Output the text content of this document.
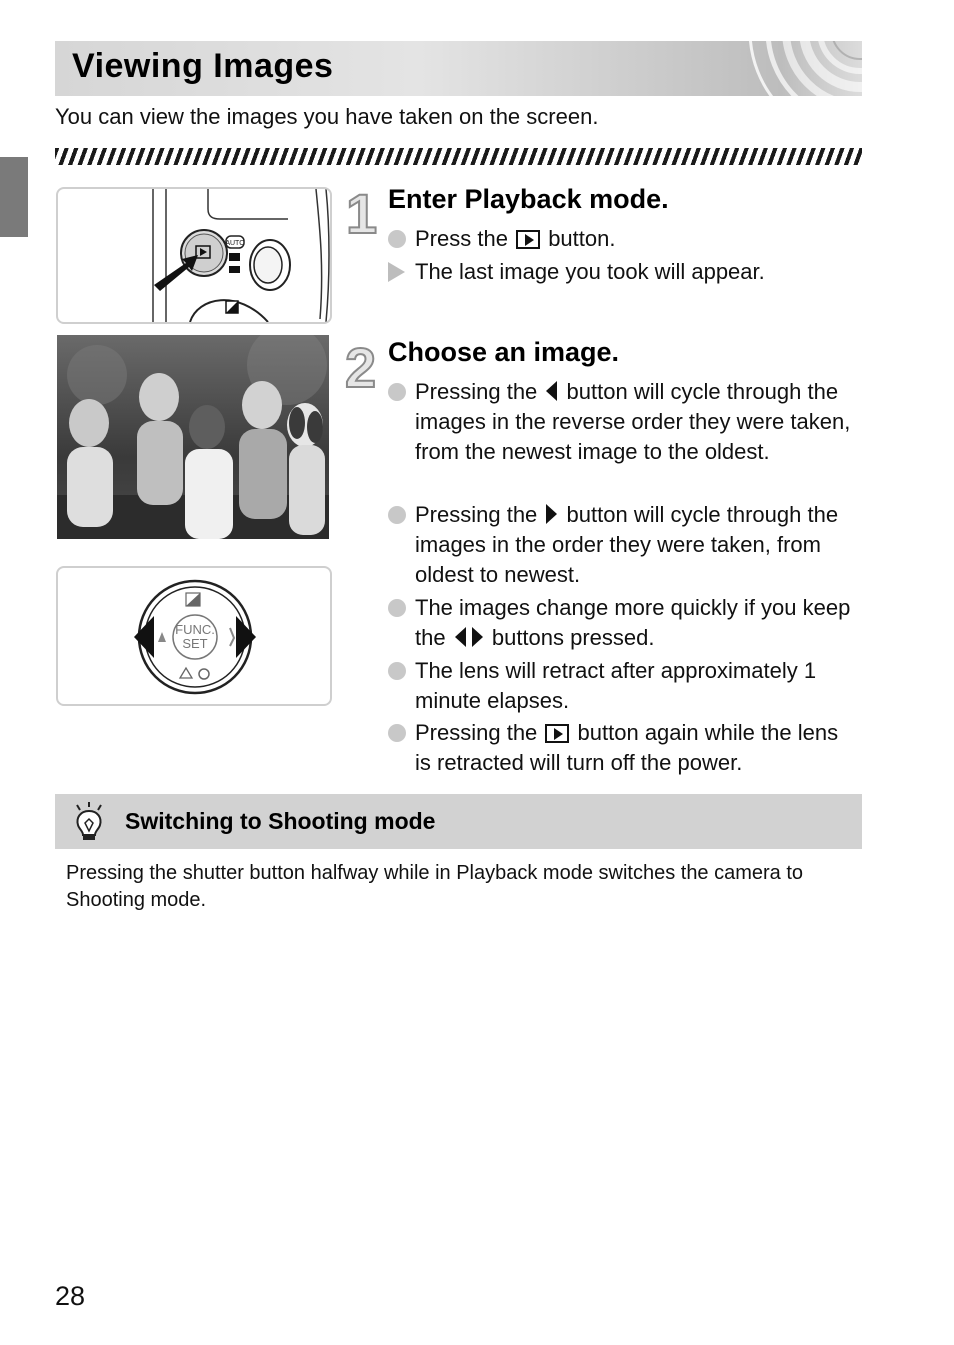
Viewing Images
You can view the images you have taken on the screen.
AUTO
FUNC.
SET
1 Enter Playback mode.
Press the button.
The last image you took will appear.
2 Choose an image.
Pressing the button will cycle through the images in the reverse order they were taken, from the newest image to the oldest.
Pressing the button will cycle through the images in the order they were taken, from oldest to newest.
The images change more quickly if you keep the buttons pressed.
The lens will retract after approximately 1 minute elapses.
Pressing the button again while the lens is retracted will turn off the power.
Switching to Shooting mode
Pressing the shutter button halfway while in Playback mode switches the camera to Shooting mode.
28
